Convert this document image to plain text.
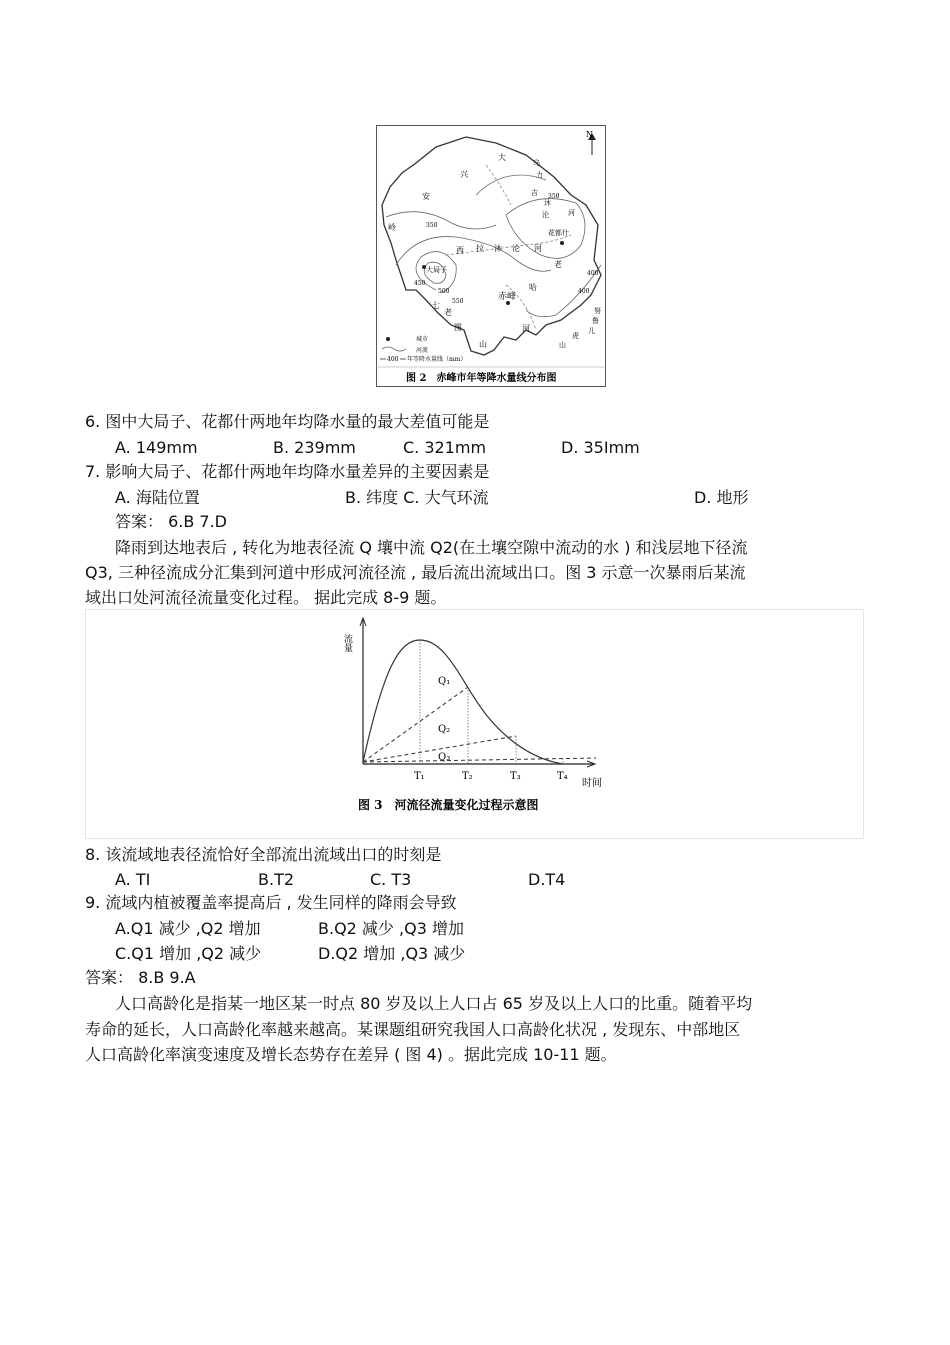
N
大
兴
安
岭
乌
力
吉
沐
沦	河
西 拉 沐 沦 河
老
哈
七
老
图
山
努
鲁
儿
虎
山
河
大局子
花都什
赤峰
350
350
400
400
450
500
550
城市
河流
400 年等降水量线（mm）
图 2　赤峰市年等降水量线分布图
6. 图中大局子、花都什两地年均降水量的最大差值可能是
A. 149mm	B. 239mm	C. 321mm	D. 35Imm
7. 影响大局子、花都什两地年均降水量差异的主要因素是
A. 海陆位置	B. 纬度 C. 大气环流	D. 地形
答案： 6.B 7.D
降雨到达地表后 , 转化为地表径流 Q 壤中流 Q2(在土壤空隙中流动的水 ) 和浅层地下径流
Q3, 三种径流成分汇集到河道中形成河流径流 , 最后流出流域出口。图 3 示意一次暴雨后某流
域出口处河流径流量变化过程。 据此完成 8-9 题。
流量
Q₁
Q₂
Q₃
T₁	T₂	T₃	T₄
时间
图 3　河流径流量变化过程示意图
8. 该流域地表径流恰好全部流出流域出口的时刻是
A. TI	B.T2	C. T3	D.T4
9. 流域内植被覆盖率提高后 , 发生同样的降雨会导致
A.Q1 减少 ,Q2 增加	B.Q2 减少 ,Q3 增加
C.Q1 增加 ,Q2 减少	D.Q2 增加 ,Q3 减少
答案： 8.B 9.A
人口高龄化是指某一地区某一时点 80 岁及以上人口占 65 岁及以上人口的比重。随着平均
寿命的延长，人口高龄化率越来越高。某课题组研究我国人口高龄化状况 , 发现东、中部地区
人口高龄化率演变速度及增长态势存在差异 ( 图 4) 。据此完成 10-11 题。
